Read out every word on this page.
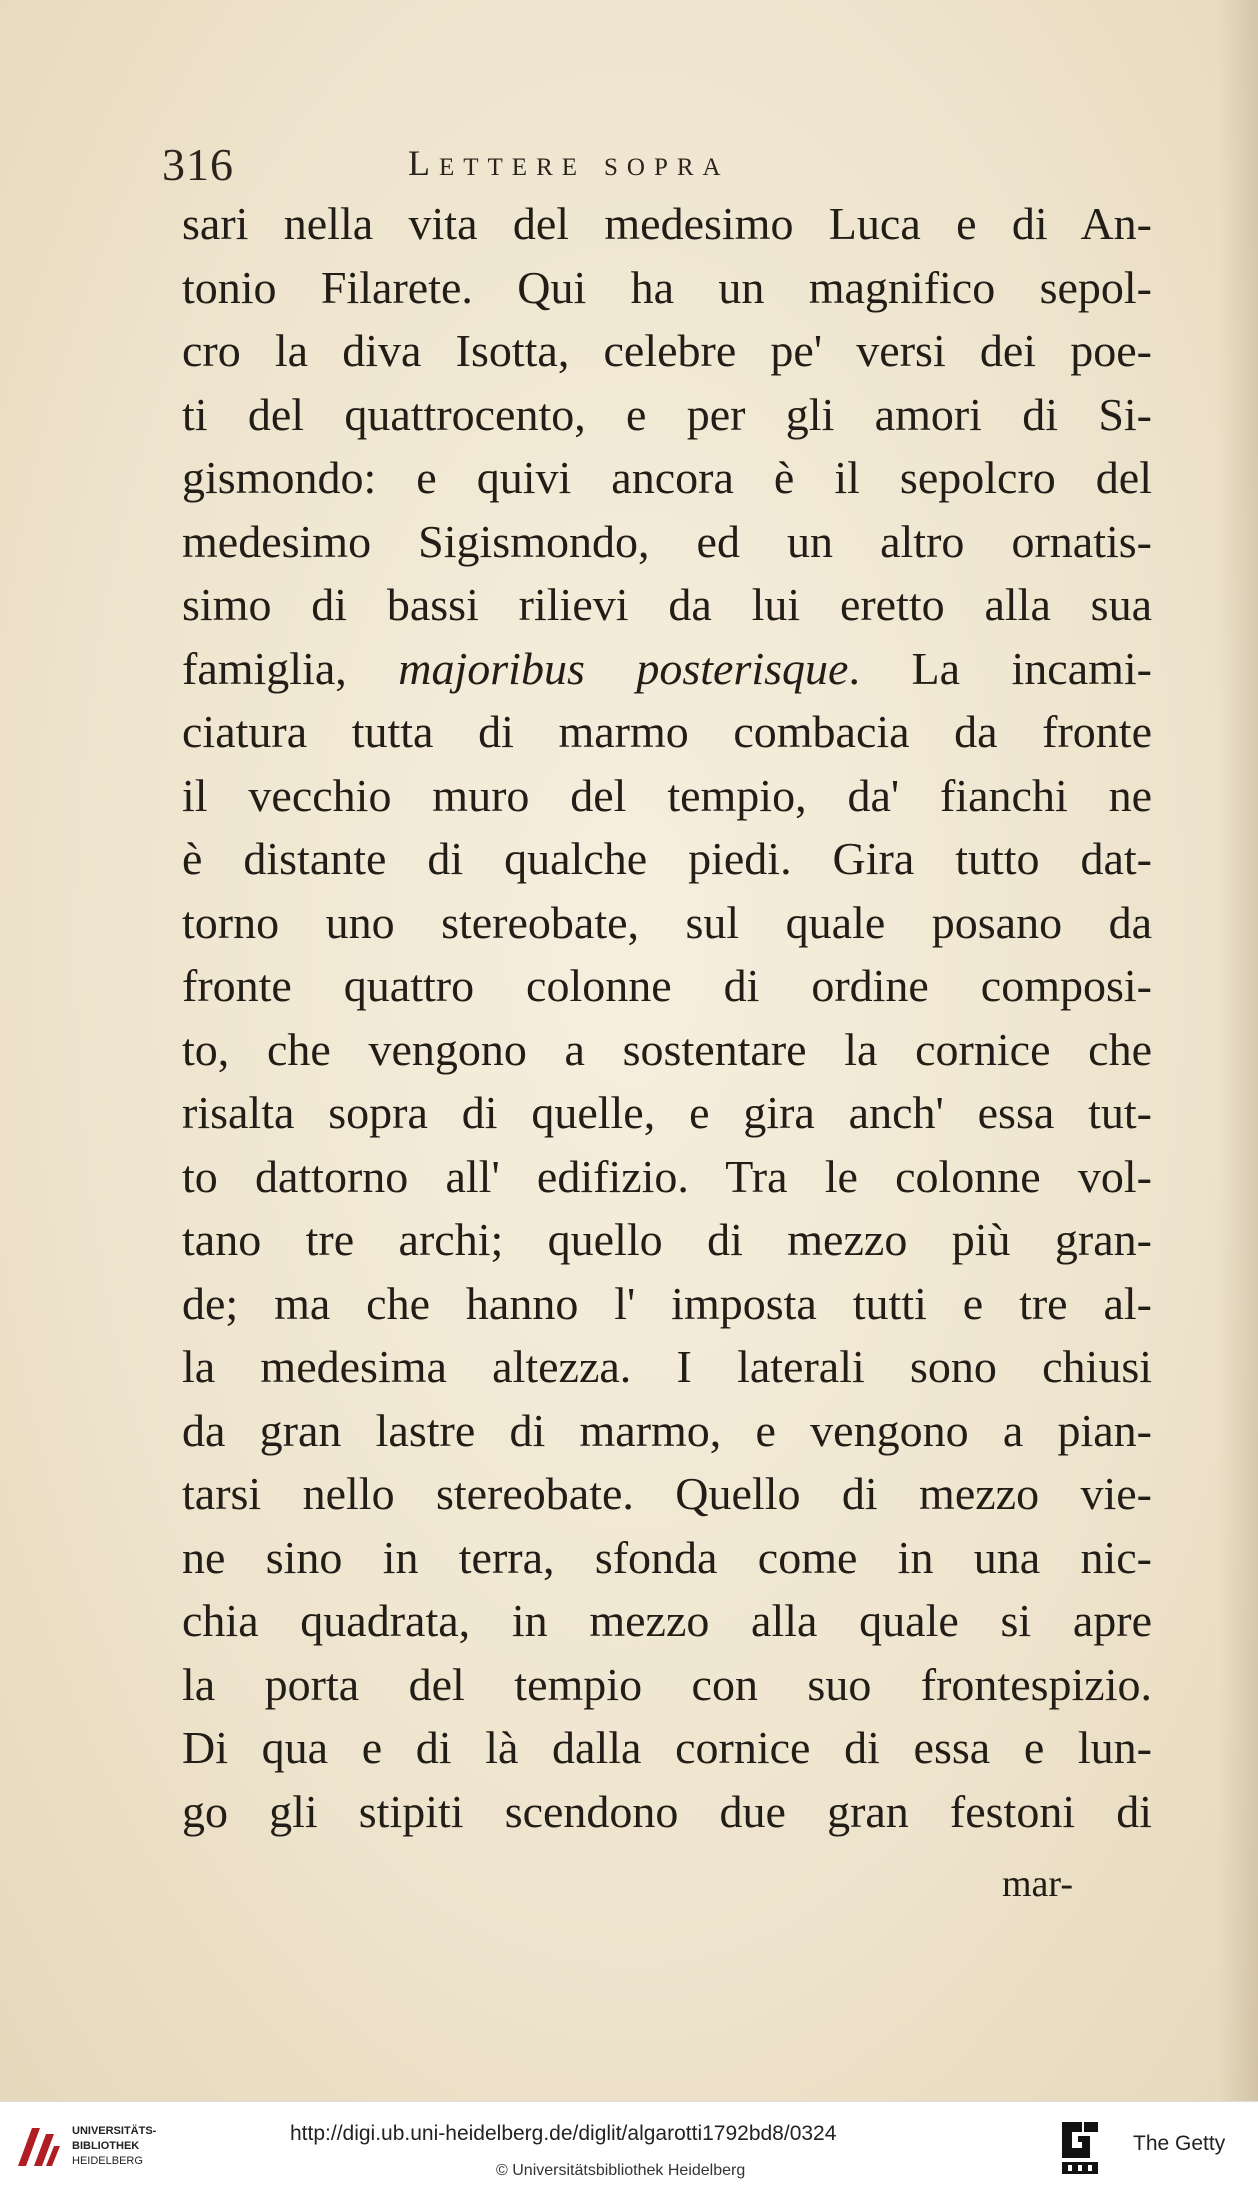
316	Lettere sopra
sari nella vita del medesimo Luca e di An-
tonio Filarete. Qui ha un magnifico sepol-
cro la diva Isotta, celebre pe' versi dei poe-
ti del quattrocento, e per gli amori di Si-
gismondo: e quivi ancora è il sepolcro del
medesimo Sigismondo, ed un altro ornatis-
simo di bassi rilievi da lui eretto alla sua
famiglia, majoribus posterisque. La incami-
ciatura tutta di marmo combacia da fronte
il vecchio muro del tempio, da' fianchi ne
è distante di qualche piedi. Gira tutto dat-
torno uno stereobate, sul quale posano da
fronte quattro colonne di ordine composi-
to, che vengono a sostentare la cornice che
risalta sopra di quelle, e gira anch' essa tut-
to dattorno all' edifizio. Tra le colonne vol-
tano tre archi; quello di mezzo più gran-
de; ma che hanno l' imposta tutti e tre al-
la medesima altezza. I laterali sono chiusi
da gran lastre di marmo, e vengono a pian-
tarsi nello stereobate. Quello di mezzo vie-
ne sino in terra, sfonda come in una nic-
chia quadrata, in mezzo alla quale si apre
la porta del tempio con suo frontespizio.
Di qua e di là dalla cornice di essa e lun-
go gli stipiti scendono due gran festoni di
mar-
UNIVERSITÄTS-
BIBLIOTHEK
HEIDELBERG
http://digi.ub.uni-heidelberg.de/diglit/algarotti1792bd8/0324
© Universitätsbibliothek Heidelberg
The Getty
